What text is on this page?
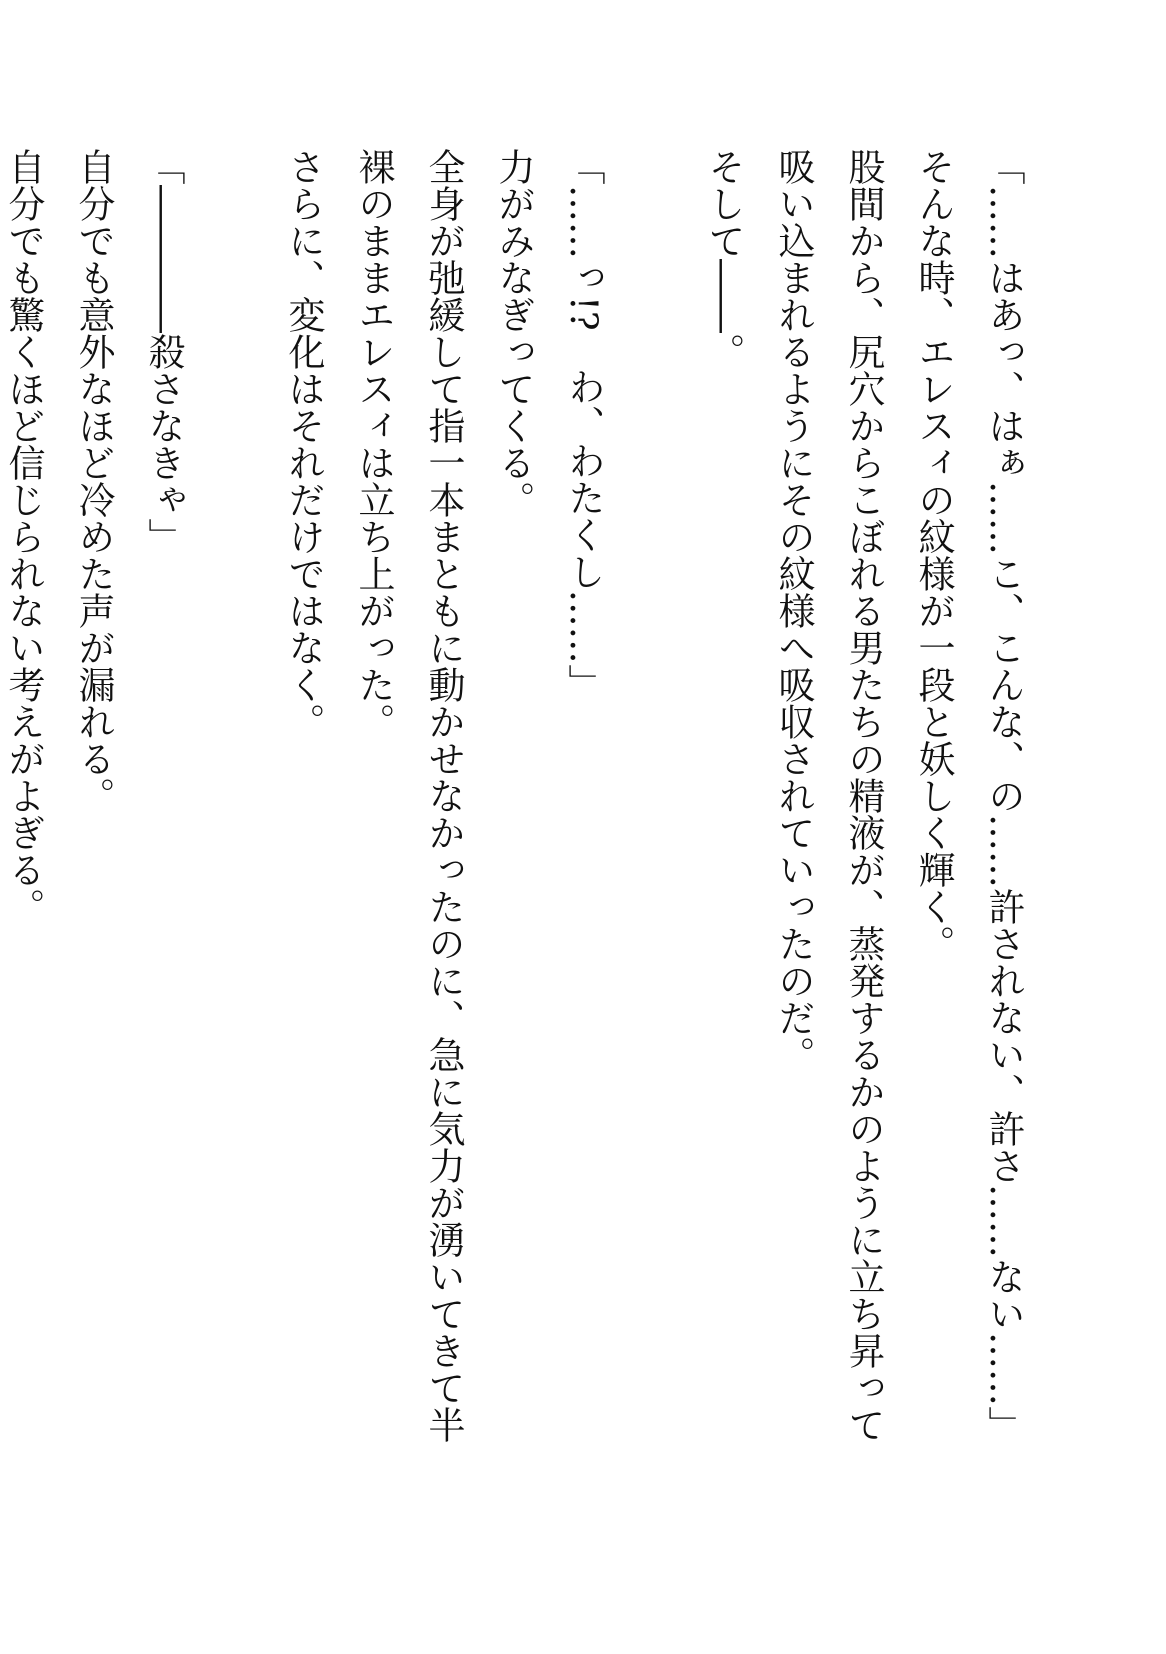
「……はあっ、はぁ……こ、こんな、の……許されない、許さ……ない……」
そんな時、エレスィの紋様が一段と妖しく輝く。
股間から、尻穴からこぼれる男たちの精液が、蒸発するかのように立ち昇って
吸い込まれるようにその紋様へ吸収されていったのだ。
そして――。
「……っ!?　わ、わたくし……」
力がみなぎってくる。
全身が弛緩して指一本まともに動かせなかったのに、急に気力が湧いてきて半
裸のままエレスィは立ち上がった。
さらに、変化はそれだけではなく。
「――――殺さなきゃ」
自分でも意外なほど冷めた声が漏れる。
自分でも驚くほど信じられない考えがよぎる。
